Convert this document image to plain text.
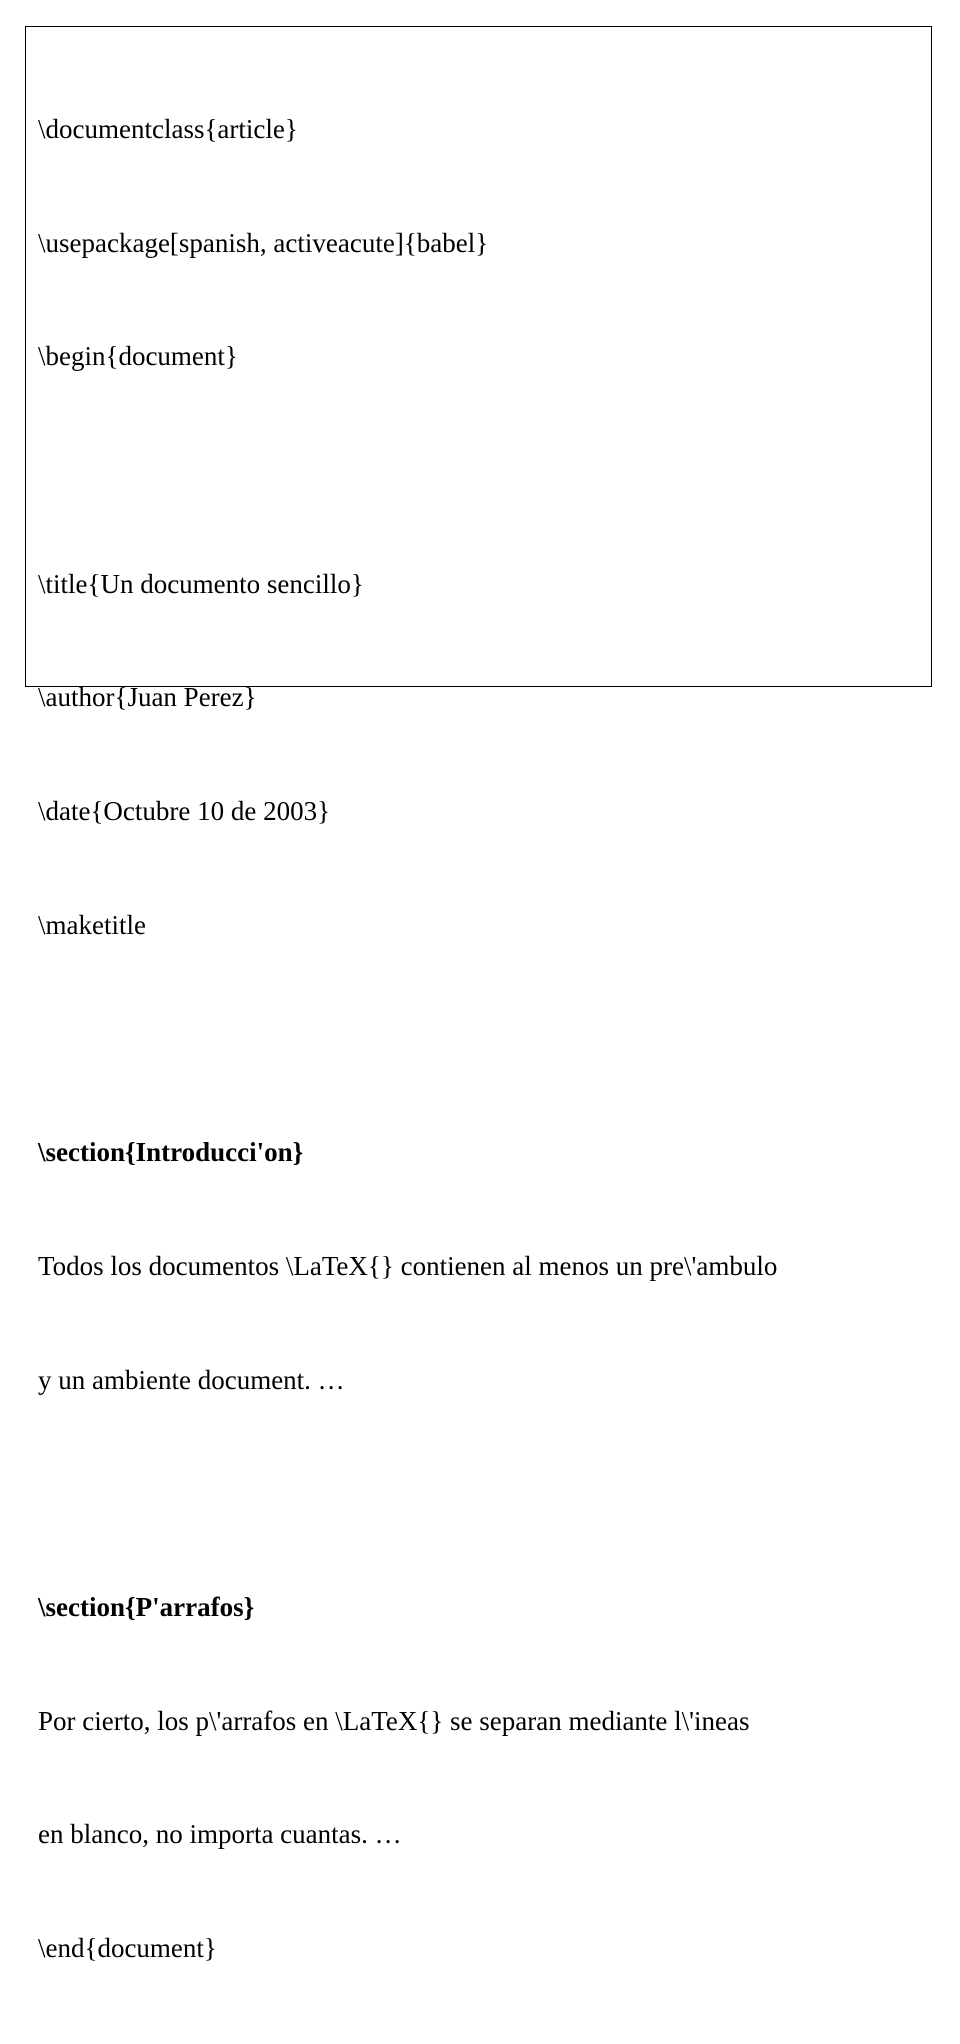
\documentclass{article}

\usepackage[spanish, activeacute]{babel}

\begin{document}

\title{Un documento sencillo}

\author{Juan Perez}

\date{Octubre 10 de 2003}

\maketitle

\section{Introducci'on}

Todos los documentos \LaTeX{} contienen al menos un pre\'ambulo

y un ambiente document. …

\section{P'arrafos}

Por cierto, los p\'arrafos en \LaTeX{} se separan mediante l\'ineas

en blanco, no importa cuantas. …

\end{document}
